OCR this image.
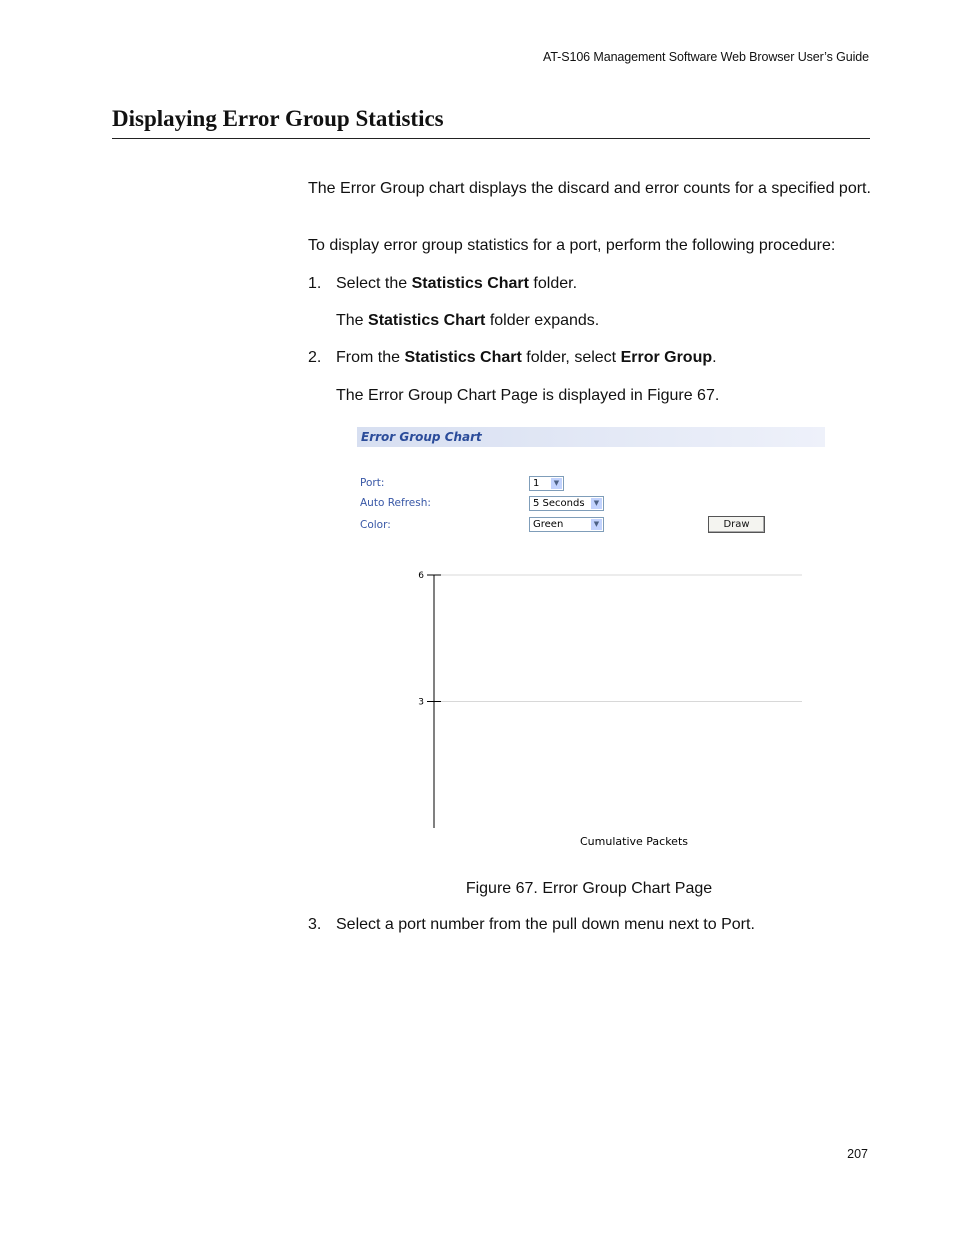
AT-S106 Management Software Web Browser User’s Guide
Displaying Error Group Statistics

The Error Group chart displays the discard and error counts for a specified port.

To display error group statistics for a port, perform the following procedure:

1. Select the Statistics Chart folder.

The Statistics Chart folder expands.

2. From the Statistics Chart folder, select Error Group.

The Error Group Chart Page is displayed in Figure 67.

Error Group Chart
Port:	1	▼
Auto Refresh:	5 Seconds	▼
Color:	Green	▼	Draw
3
6
Cumulative Packets
Figure 67. Error Group Chart Page
3. Select a port number from the pull down menu next to Port.

207
